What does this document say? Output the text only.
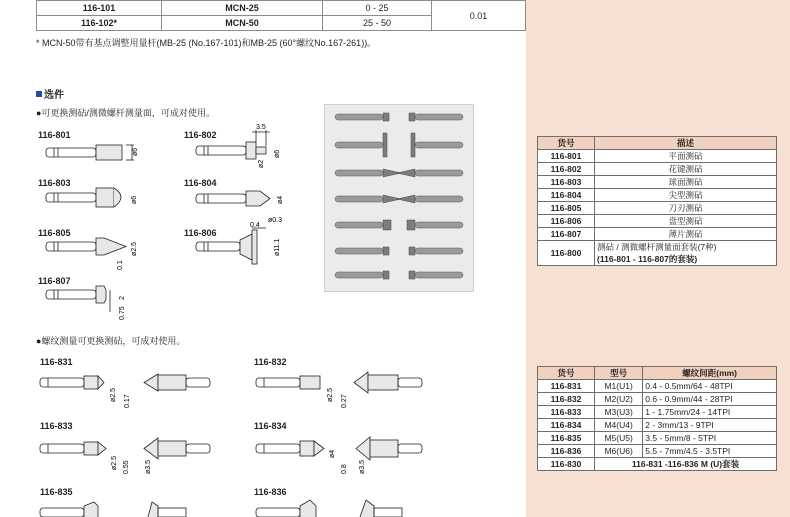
116-101	MCN-25	0 - 25	0.01
116-102*	MCN-50	25 - 50	
* MCN-50带有基点调整用量杆(MB-25 (No.167-101)和MB-25 (60°螺纹No.167-261))。
选件
●可更换测砧/测微螺杆测量面，可成对使用。
116-801	116-802
116-803	116-804
116-805	116-806
116-807
ø6
3.5
ø6
ø2
ø6	ø4
ø0.3
0.1
ø2.5
0.4
ø11.1
2
0.75
●螺纹测量可更换测砧，可成对使用。
116-831	116-832
116-833	116-834
116-835	116-836
ø2.5 0.17	ø2.5 0.27
ø2.5 0.55 ø3.5
ø4
0.8 ø3.5
货号	描述
116-801	平面测砧
116-802	花键测砧
116-803	球面测砧
116-804	尖型测砧
116-805	刀刃测砧
116-806	盘型测砧
116-807	薄片测砧
116-800	测砧 / 测微螺杆测量面套装(7种)
(116-801 - 116-807的套装)
货号	型号	螺纹间距(mm)
116-831	M1(U1)	0.4 - 0.5mm/64 - 48TPI
116-832	M2(U2)	0.6 - 0.9mm/44 - 28TPI
116-833	M3(U3)	1 - 1.75mm/24 - 14TPI
116-834	M4(U4)	2 - 3mm/13 - 9TPI
116-835	M5(U5)	3.5 - 5mm/8 - 5TPI
116-836	M6(U6)	5.5 - 7mm/4.5 - 3.5TPI
116-830	116-831 -116-836 M (U)套装	
